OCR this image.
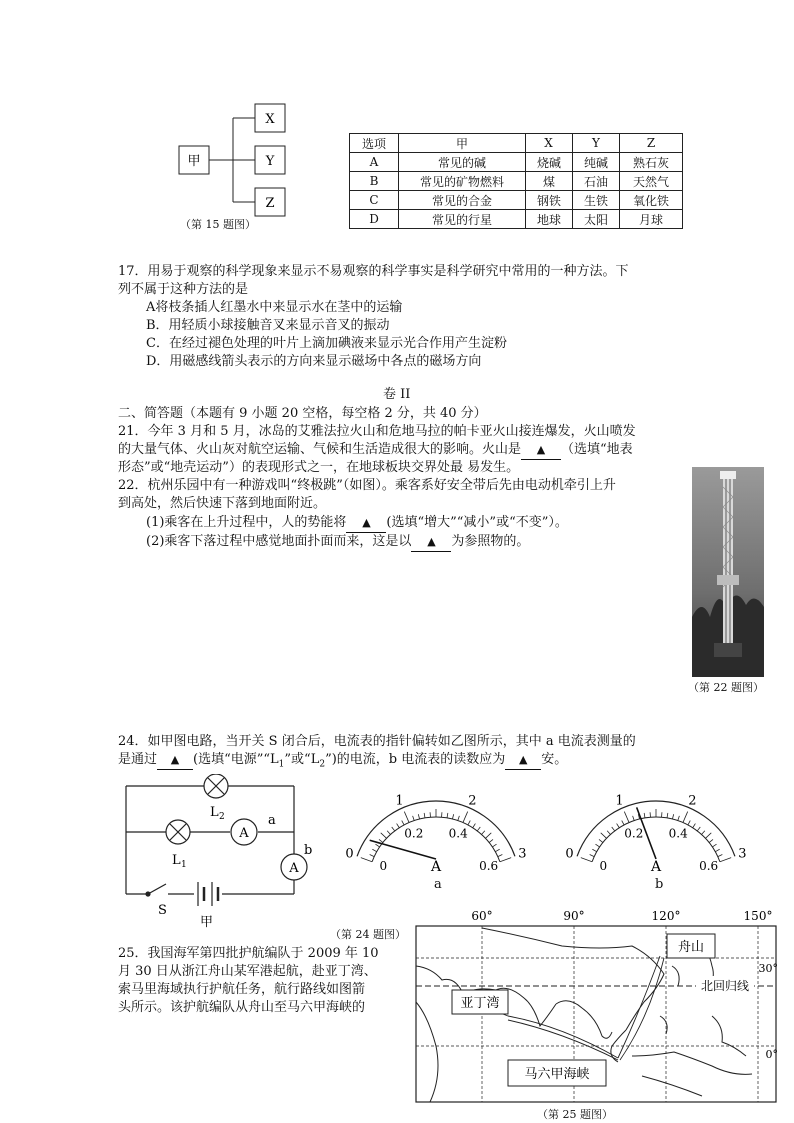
甲
X
Y
Z
（第 15 题图）
选项	甲	X	Y	Z
A	常见的碱	烧碱	纯碱	熟石灰
B	常见的矿物燃料	煤	石油	天然气
C	常见的合金	钢铁	生铁	氧化铁
D	常见的行星	地球	太阳	月球
17．用易于观察的科学现象来显示不易观察的科学事实是科学研究中常用的一种方法。下
列不属于这种方法的是
A将枝条插人红墨水中来显示水在茎中的运输
B．用轻质小球接触音叉来显示音叉的振动
C．在经过褪色处理的叶片上滴加碘液来显示光合作用产生淀粉
D．用磁感线箭头表示的方向来显示磁场中各点的磁场方向
卷 II
二、简答题（本题有 9 小题 20 空格，每空格 2 分，共 40 分）
21．今年 3 月和 5 月，冰岛的艾雅法拉火山和危地马拉的帕卡亚火山接连爆发，火山喷发
的大量气体、火山灰对航空运输、气候和生活造成很大的影响。火山是 ▲ （选填“地表
形态”或“地壳运动”）的表现形式之一，在地球板块交界处最 易发生。
22．杭州乐园中有一种游戏叫“终极跳”（如图）。乘客系好安全带后先由电动机牵引上升
到高处，然后快速下落到地面附近。
(1)乘客在上升过程中，人的势能将 ▲ (选填“增大”“减小”或“不变”）。
(2)乘客下落过程中感觉地面扑面而来，这是以 ▲ 为参照物的。
（第 22 题图）
24．如甲图电路，当开关 S 闭合后，电流表的指针偏转如乙图所示，其中 a 电流表测量的
是通过 ▲ (选填“电源$”“L_1$”或“$L_2$”)的电流，b 电流表的读数应为 ▲ 安。
L 2
L 1
A
A
a
b
S
甲
0
1	2
3
0
0.2 0.4
0.6
A
0
1	2
3
0
0.2 0.4
0.6
A
a	b
（第 24 题图）
25．我国海军第四批护航编队于 2009 年 10
月 30 日从浙江舟山某军港起航，赴亚丁湾、
索马里海域执行护航任务，航行路线如图箭
头所示。该护航编队从舟山至马六甲海峡的
舟山
亚丁湾
马六甲海峡
北回归线
60°	90°	120°	150°
30°
0°
（第 25 题图）
